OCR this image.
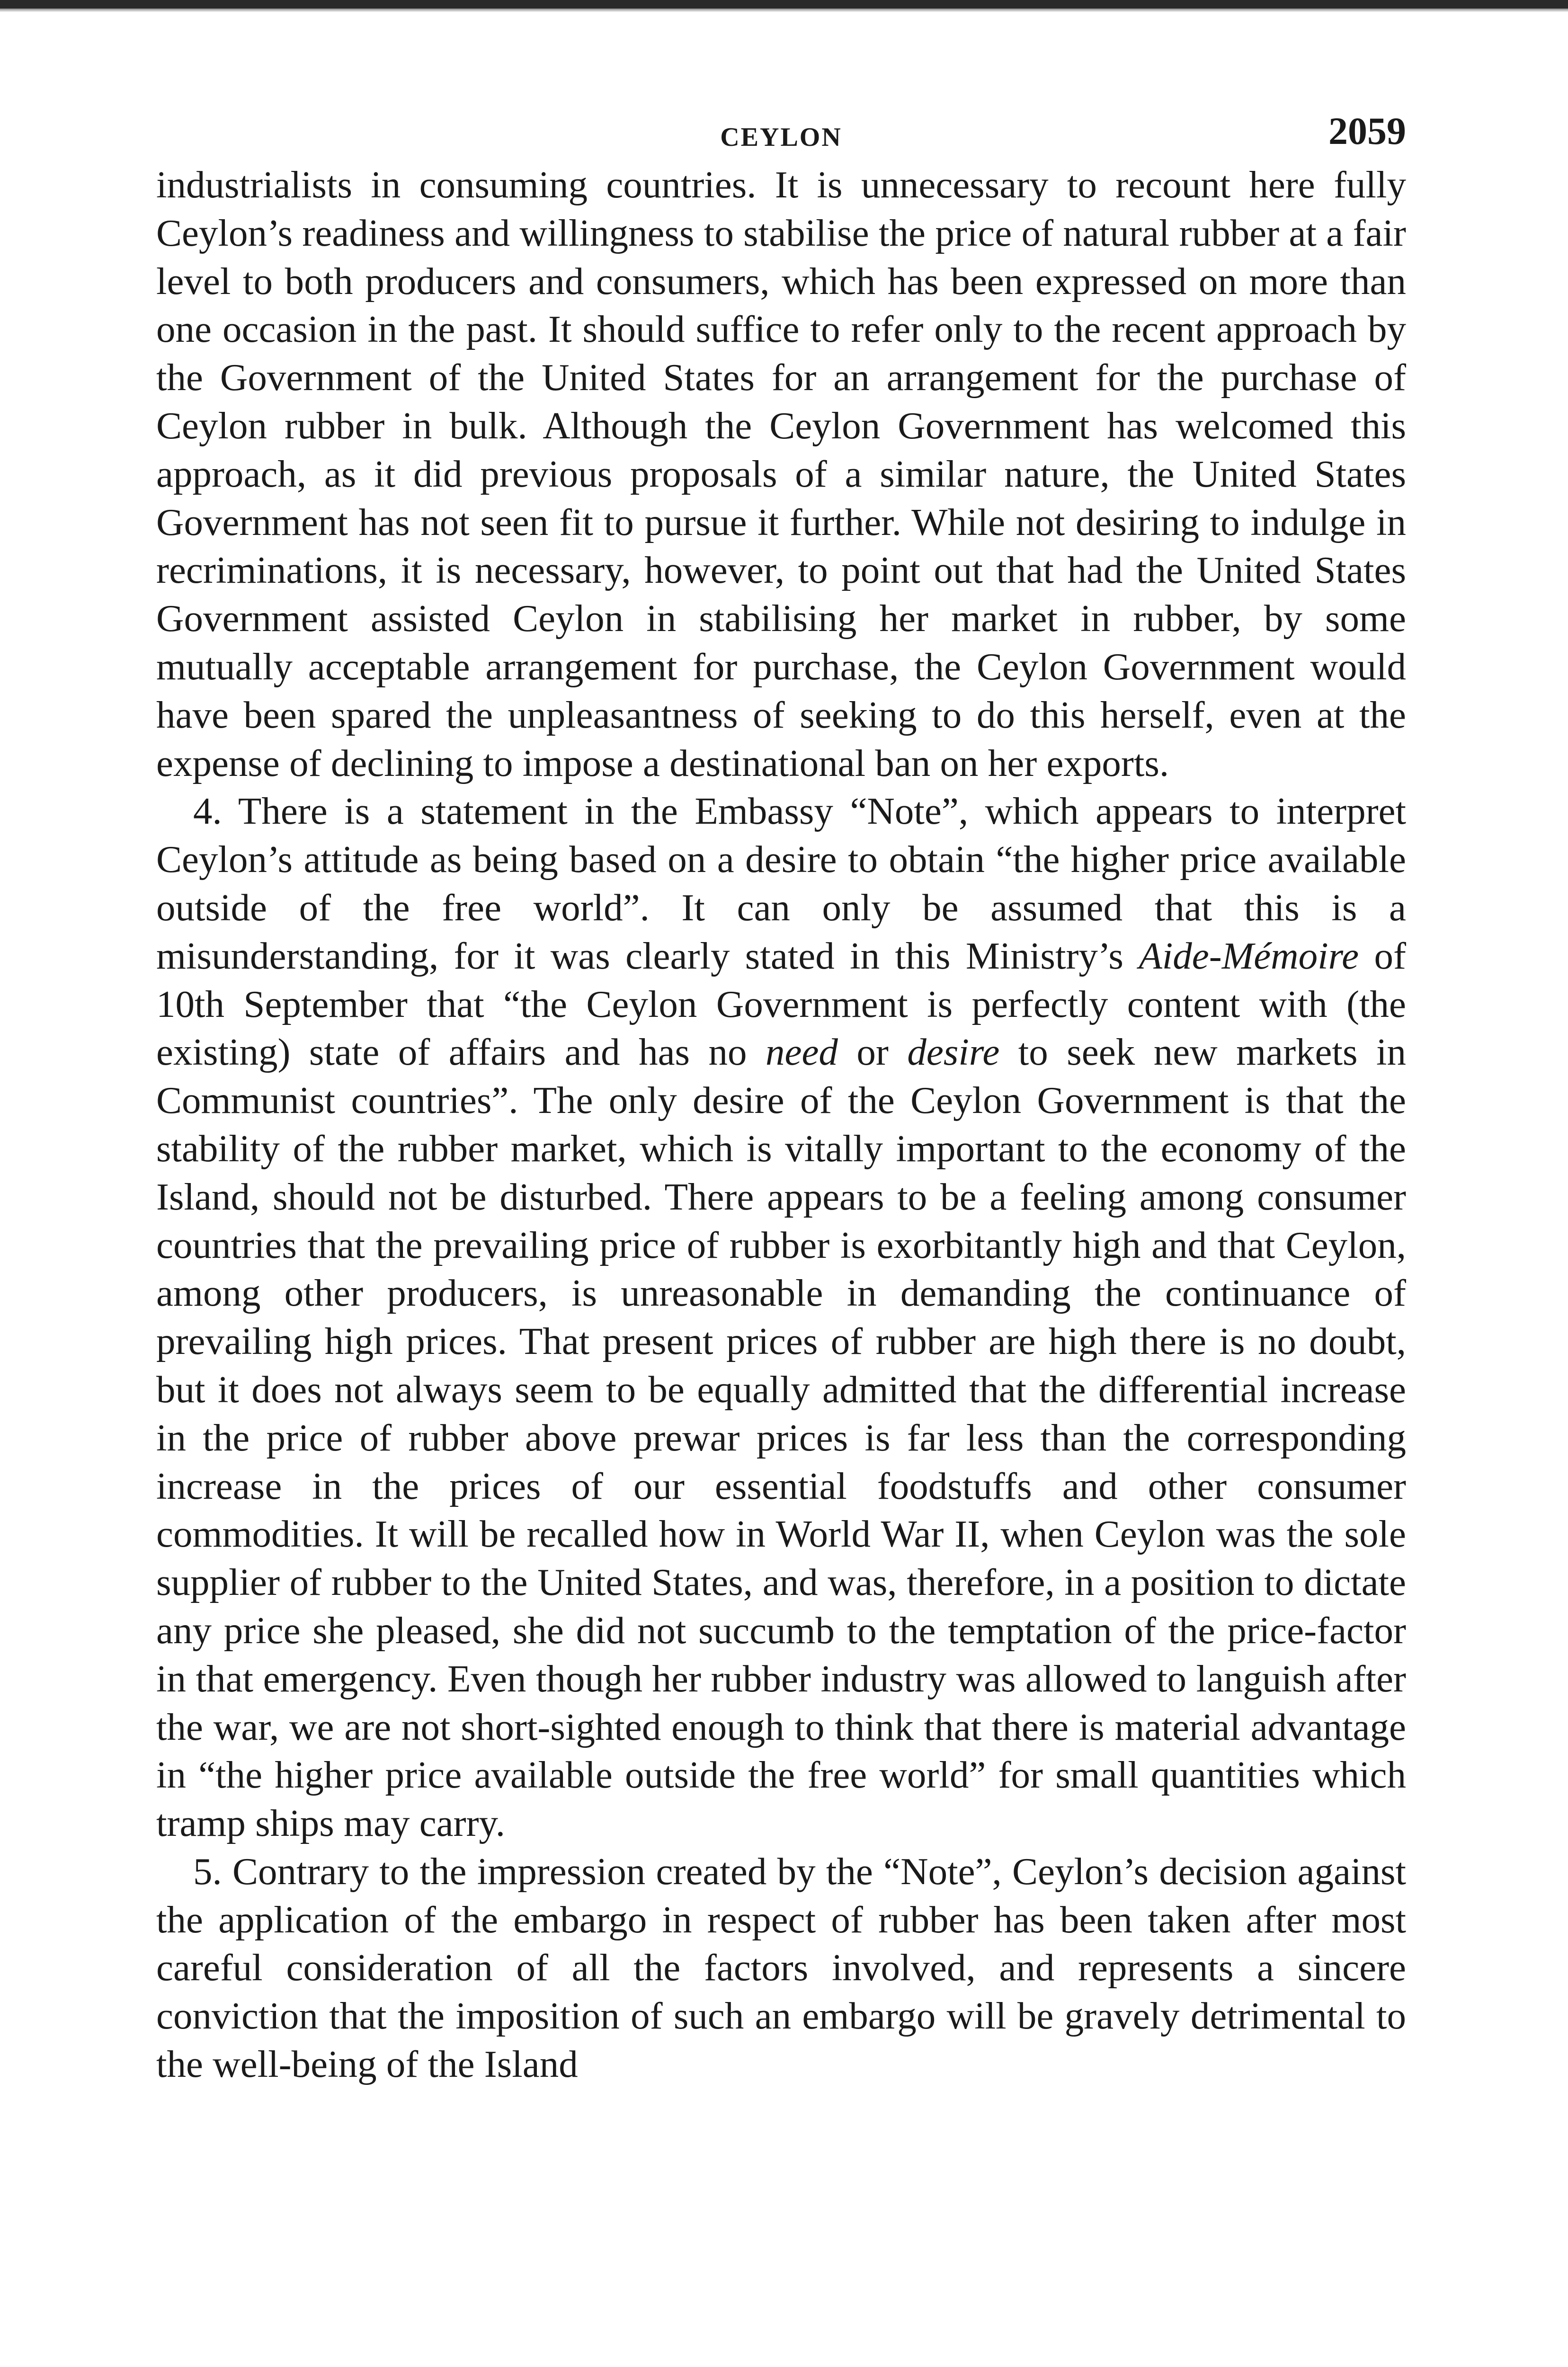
CEYLON	2059

industrialists in consuming countries. It is unnecessary to recount here fully Ceylon’s readiness and willingness to stabilise the price of natural rubber at a fair level to both producers and consumers, which has been expressed on more than one occasion in the past. It should suffice to refer only to the recent approach by the Government of the United States for an arrangement for the purchase of Ceylon rubber in bulk. Although the Ceylon Government has welcomed this approach, as it did previous proposals of a similar nature, the United States Government has not seen fit to pursue it further. While not desiring to indulge in recriminations, it is necessary, however, to point out that had the United States Government assisted Ceylon in stabilising her market in rubber, by some mutually acceptable arrangement for purchase, the Ceylon Government would have been spared the unpleasantness of seeking to do this herself, even at the expense of declining to impose a destinational ban on her exports.

4. There is a statement in the Embassy “Note”, which appears to interpret Ceylon’s attitude as being based on a desire to obtain “the higher price available outside of the free world”. It can only be assumed that this is a misunderstanding, for it was clearly stated in this Ministry’s Aide-Mémoire of 10th September that “the Ceylon Government is perfectly content with (the existing) state of affairs and has no need or desire to seek new markets in Communist countries”. The only desire of the Ceylon Government is that the stability of the rubber market, which is vitally important to the economy of the Island, should not be disturbed. There appears to be a feeling among consumer countries that the prevailing price of rubber is exorbitantly high and that Ceylon, among other producers, is unreasonable in demanding the continuance of prevailing high prices. That present prices of rubber are high there is no doubt, but it does not always seem to be equally admitted that the differential increase in the price of rubber above prewar prices is far less than the corresponding increase in the prices of our essential foodstuffs and other consumer commodities. It will be recalled how in World War II, when Ceylon was the sole supplier of rubber to the United States, and was, therefore, in a position to dictate any price she pleased, she did not succumb to the temptation of the price-factor in that emergency. Even though her rubber industry was allowed to languish after the war, we are not short-sighted enough to think that there is material advantage in “the higher price available outside the free world” for small quantities which tramp ships may carry.

5. Contrary to the impression created by the “Note”, Ceylon’s decision against the application of the embargo in respect of rubber has been taken after most careful consideration of all the factors involved, and represents a sincere conviction that the imposition of such an embargo will be gravely detrimental to the well-being of the Island
